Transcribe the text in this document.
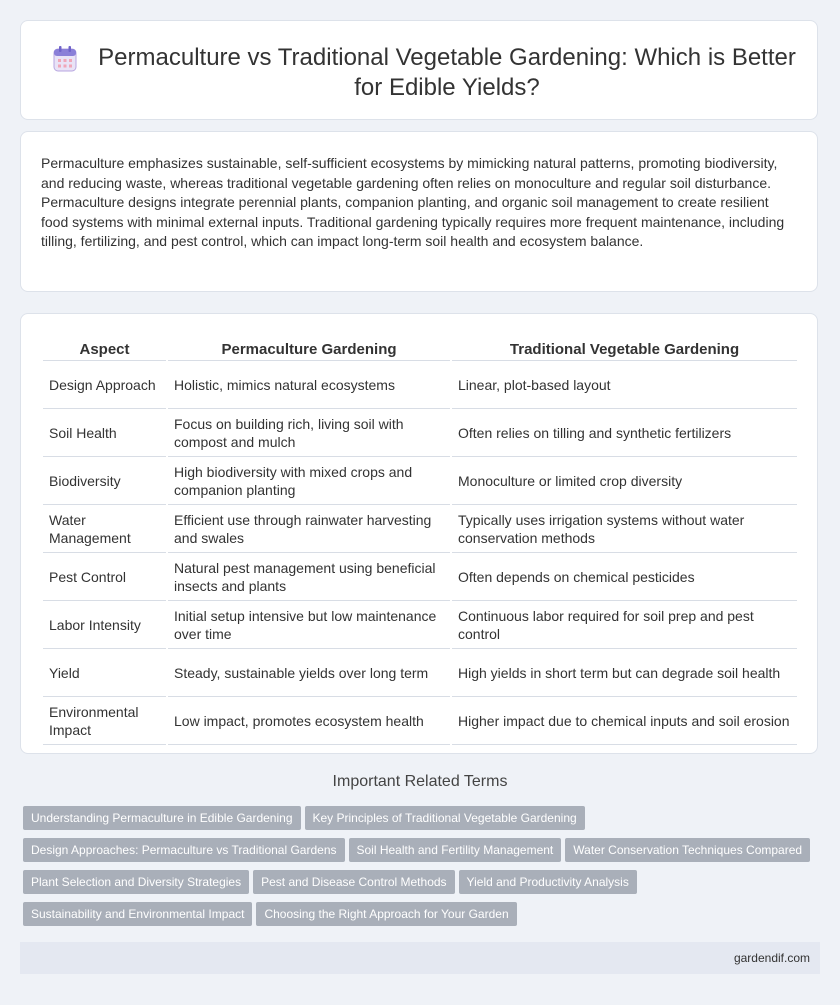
Permaculture vs Traditional Vegetable Gardening: Which is Better for Edible Yields?

Permaculture emphasizes sustainable, self-sufficient ecosystems by mimicking natural patterns, promoting biodiversity, and reducing waste, whereas traditional vegetable gardening often relies on monoculture and regular soil disturbance. Permaculture designs integrate perennial plants, companion planting, and organic soil management to create resilient food systems with minimal external inputs. Traditional gardening typically requires more frequent maintenance, including tilling, fertilizing, and pest control, which can impact long-term soil health and ecosystem balance.

Aspect	Permaculture Gardening	Traditional Vegetable Gardening
Design Approach	Holistic, mimics natural ecosystems	Linear, plot-based layout
Soil Health	Focus on building rich, living soil with compost and mulch	Often relies on tilling and synthetic fertilizers
Biodiversity	High biodiversity with mixed crops and companion planting	Monoculture or limited crop diversity
Water Management	Efficient use through rainwater harvesting and swales	Typically uses irrigation systems without water conservation methods
Pest Control	Natural pest management using beneficial insects and plants	Often depends on chemical pesticides
Labor Intensity	Initial setup intensive but low maintenance over time	Continuous labor required for soil prep and pest control
Yield	Steady, sustainable yields over long term	High yields in short term but can degrade soil health
Environmental Impact	Low impact, promotes ecosystem health	Higher impact due to chemical inputs and soil erosion
Important Related Terms
Understanding Permaculture in Edible Gardening Key Principles of Traditional Vegetable Gardening
Design Approaches: Permaculture vs Traditional Gardens Soil Health and Fertility Management Water Conservation Techniques Compared
Plant Selection and Diversity Strategies Pest and Disease Control Methods Yield and Productivity Analysis
Sustainability and Environmental Impact Choosing the Right Approach for Your Garden
gardendif.com
